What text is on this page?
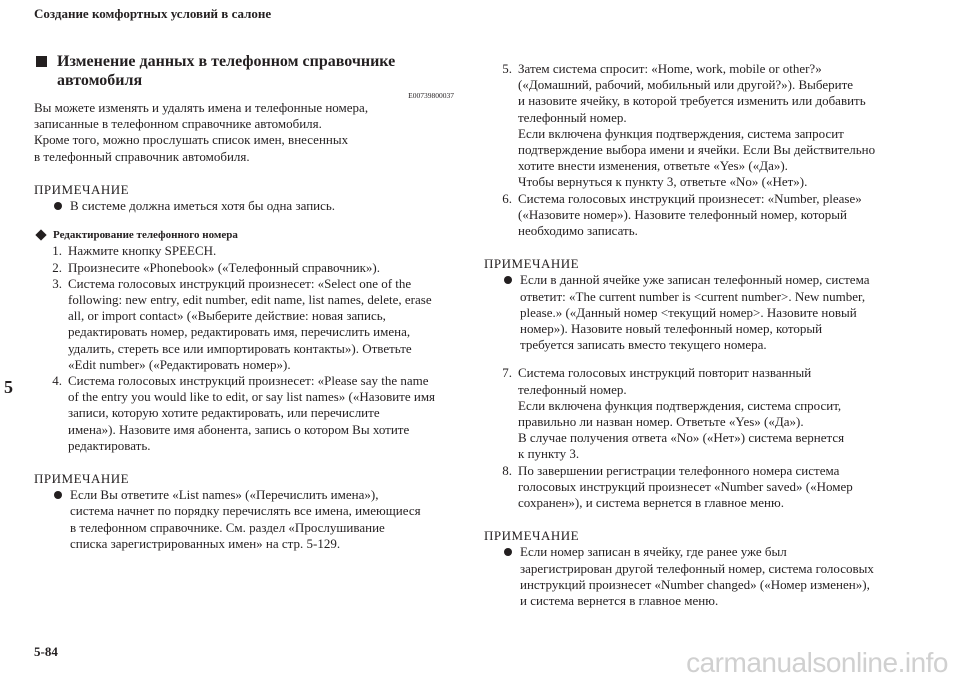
Создание комфортных условий в салоне
5
Изменение данных в телефонном справочнике автомобиля
E00739800037

Вы можете изменять и удалять имена и телефонные номера,

записанные в телефонном справочнике автомобиля.

Кроме того, можно прослушать список имен, внесенных

в телефонный справочник автомобиля.

ПРИМЕЧАНИЕ

В системе должна иметься хотя бы одна запись.

Редактирование телефонного номера
1. Нажмите кнопку SPEECH.

2. Произнесите «Phonebook» («Телефонный справочник»).

3. Система голосовых инструкций произнесет: «Select one of the

following: new entry, edit number, edit name, list names, delete, erase

all, or import contact» («Выберите действие: новая запись,

редактировать номер, редактировать имя, перечислить имена,

удалить, стереть все или импортировать контакты»). Ответьте

«Edit number» («Редактировать номер»).

4. Система голосовых инструкций произнесет: «Please say the name

of the entry you would like to edit, or say list names» («Назовите имя

записи, которую хотите редактировать, или перечислите

имена»). Назовите имя абонента, запись о котором Вы хотите

редактировать.

ПРИМЕЧАНИЕ

Если Вы ответите «List names» («Перечислить имена»),

система начнет по порядку перечислять все имена, имеющиеся

в телефонном справочнике. См. раздел «Прослушивание

списка зарегистрированных имен» на стр. 5-129.

5. Затем система спросит: «Home, work, mobile or other?»

(«Домашний, рабочий, мобильный или другой?»). Выберите

и назовите ячейку, в которой требуется изменить или добавить

телефонный номер.

Если включена функция подтверждения, система запросит

подтверждение выбора имени и ячейки. Если Вы действительно

хотите внести изменения, ответьте «Yes» («Да»).

Чтобы вернуться к пункту 3, ответьте «No» («Нет»).

6. Система голосовых инструкций произнесет: «Number, please»

(«Назовите номер»). Назовите телефонный номер, который

необходимо записать.

ПРИМЕЧАНИЕ

Если в данной ячейке уже записан телефонный номер, система

ответит: «The current number is <current number>. New number,

please.» («Данный номер <текущий номер>. Назовите новый

номер»). Назовите новый телефонный номер, который

требуется записать вместо текущего номера.

7. Система голосовых инструкций повторит названный

телефонный номер.

Если включена функция подтверждения, система спросит,

правильно ли назван номер. Ответьте «Yes» («Да»).

В случае получения ответа «No» («Нет») система вернется

к пункту 3.

8. По завершении регистрации телефонного номера система

голосовых инструкций произнесет «Number saved» («Номер

сохранен»), и система вернется в главное меню.

ПРИМЕЧАНИЕ

Если номер записан в ячейку, где ранее уже был

зарегистрирован другой телефонный номер, система голосовых

инструкций произнесет «Number changed» («Номер изменен»),

и система вернется в главное меню.

5-84	carmanualsonline.info
